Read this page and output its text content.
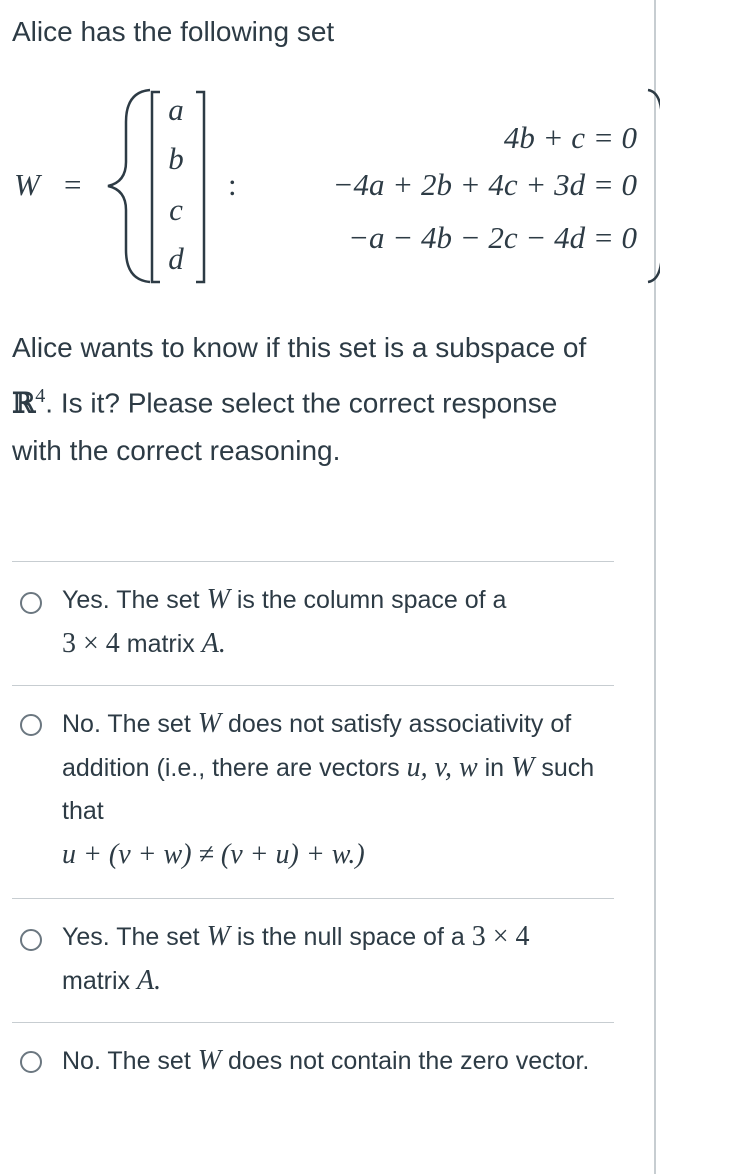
Alice has the following set

W =
a
b
c
d
:
4b + c = 0
−4a + 2b + 4c + 3d = 0
−a − 4b − 2c − 4d = 0

Alice wants to know if this set is a subspace of ℝ$^4$. Is it? Please select the correct response with the correct reasoning.

Yes. The set W is the column space of a
3 × 4 matrix A.

No. The set W does not satisfy associativity of addition (i.e., there are vectors u, v, w in W such that
u + (v + w) ≠ (v + u) + w.)

Yes. The set W is the null space of a 3 × 4
matrix A.

No. The set W does not contain the zero vector.
